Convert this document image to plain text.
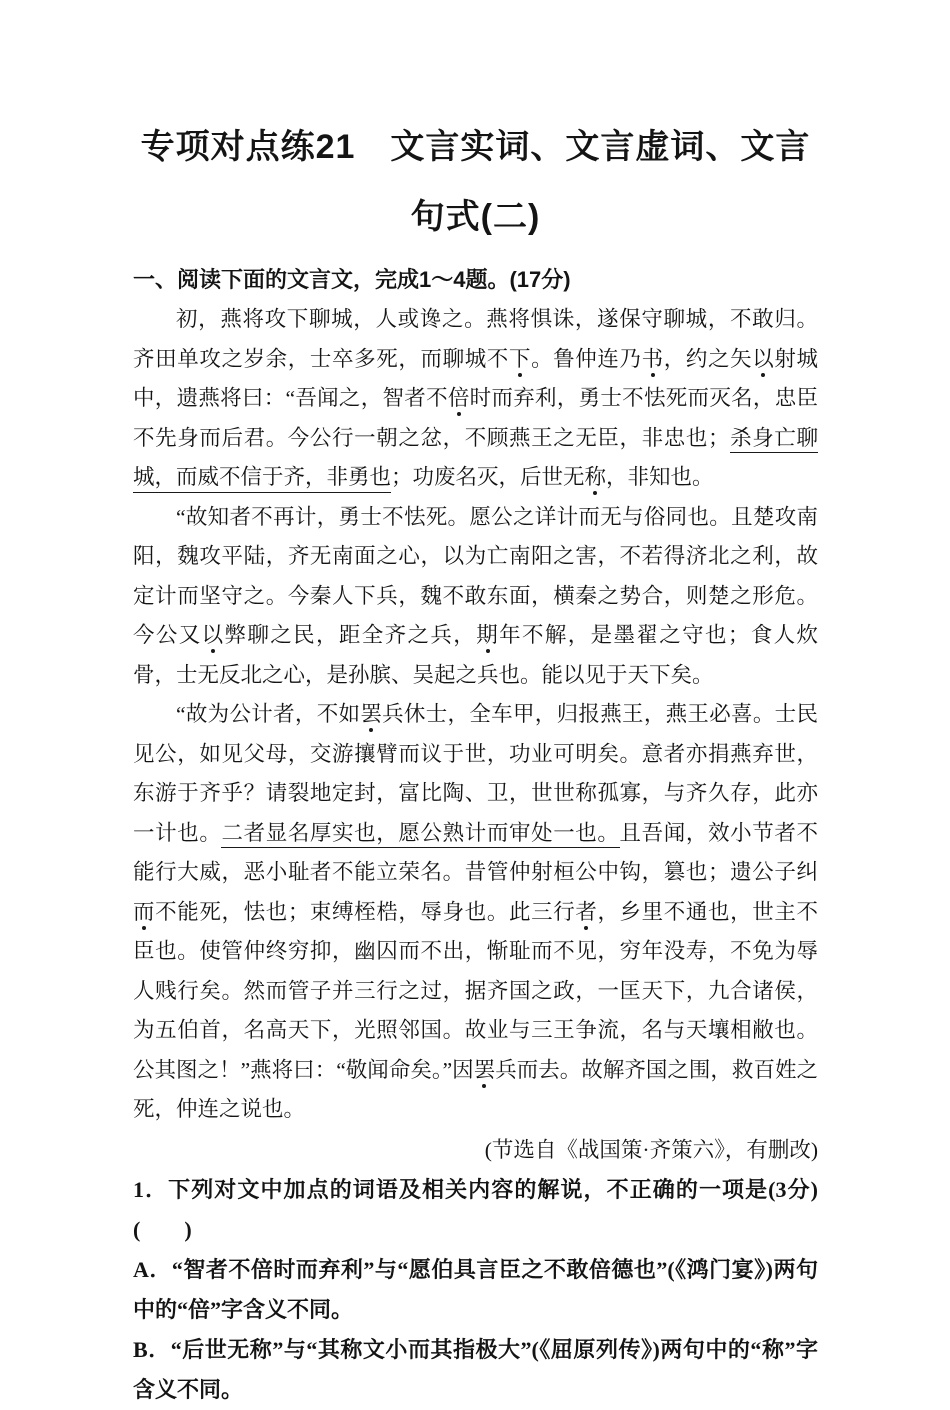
专项对点练21　文言实词、文言虚词、文言句式(二)

一、阅读下面的文言文，完成1～4题。(17分)

初，燕将攻下聊城，人或谗之。燕将惧诛，遂保守聊城，不敢归。齐田单攻之岁余，士卒多死，而聊城不下。鲁仲连乃书，约之矢以射城中，遗燕将曰：“吾闻之，智者不倍时而弃利，勇士不怯死而灭名，忠臣不先身而后君。今公行一朝之忿，不顾燕王之无臣，非忠也；杀身亡聊城，而威不信于齐，非勇也；功废名灭，后世无称，非知也。

“故知者不再计，勇士不怯死。愿公之详计而无与俗同也。且楚攻南阳，魏攻平陆，齐无南面之心，以为亡南阳之害，不若得济北之利，故定计而坚守之。今秦人下兵，魏不敢东面，横秦之势合，则楚之形危。今公又以弊聊之民，距全齐之兵，期年不解，是墨翟之守也；食人炊骨，士无反北之心，是孙膑、吴起之兵也。能以见于天下矣。

“故为公计者，不如罢兵休士，全车甲，归报燕王，燕王必喜。士民见公，如见父母，交游攘臂而议于世，功业可明矣。意者亦捐燕弃世，东游于齐乎？请裂地定封，富比陶、卫，世世称孤寡，与齐久存，此亦一计也。二者显名厚实也，愿公熟计而审处一也。且吾闻，效小节者不能行大威，恶小耻者不能立荣名。昔管仲射桓公中钩，篡也；遗公子纠而不能死，怯也；束缚桎梏，辱身也。此三行者，乡里不通也，世主不臣也。使管仲终穷抑，幽囚而不出，惭耻而不见，穷年没寿，不免为辱人贱行矣。然而管子并三行之过，据齐国之政，一匡天下，九合诸侯，为五伯首，名高天下，光照邻国。故业与三王争流，名与天壤相敝也。公其图之！”燕将曰：“敬闻命矣。”因罢兵而去。故解齐国之围，救百姓之死，仲连之说也。

(节选自《战国策·齐策六》，有删改)

1．下列对文中加点的词语及相关内容的解说，不正确的一项是(3分)(　　)

A．“智者不倍时而弃利”与“愿伯具言臣之不敢倍德也”(《鸿门宴》)两句中的“倍”字含义不同。

B．“后世无称”与“其称文小而其指极大”(《屈原列传》)两句中的“称”字含义不同。
